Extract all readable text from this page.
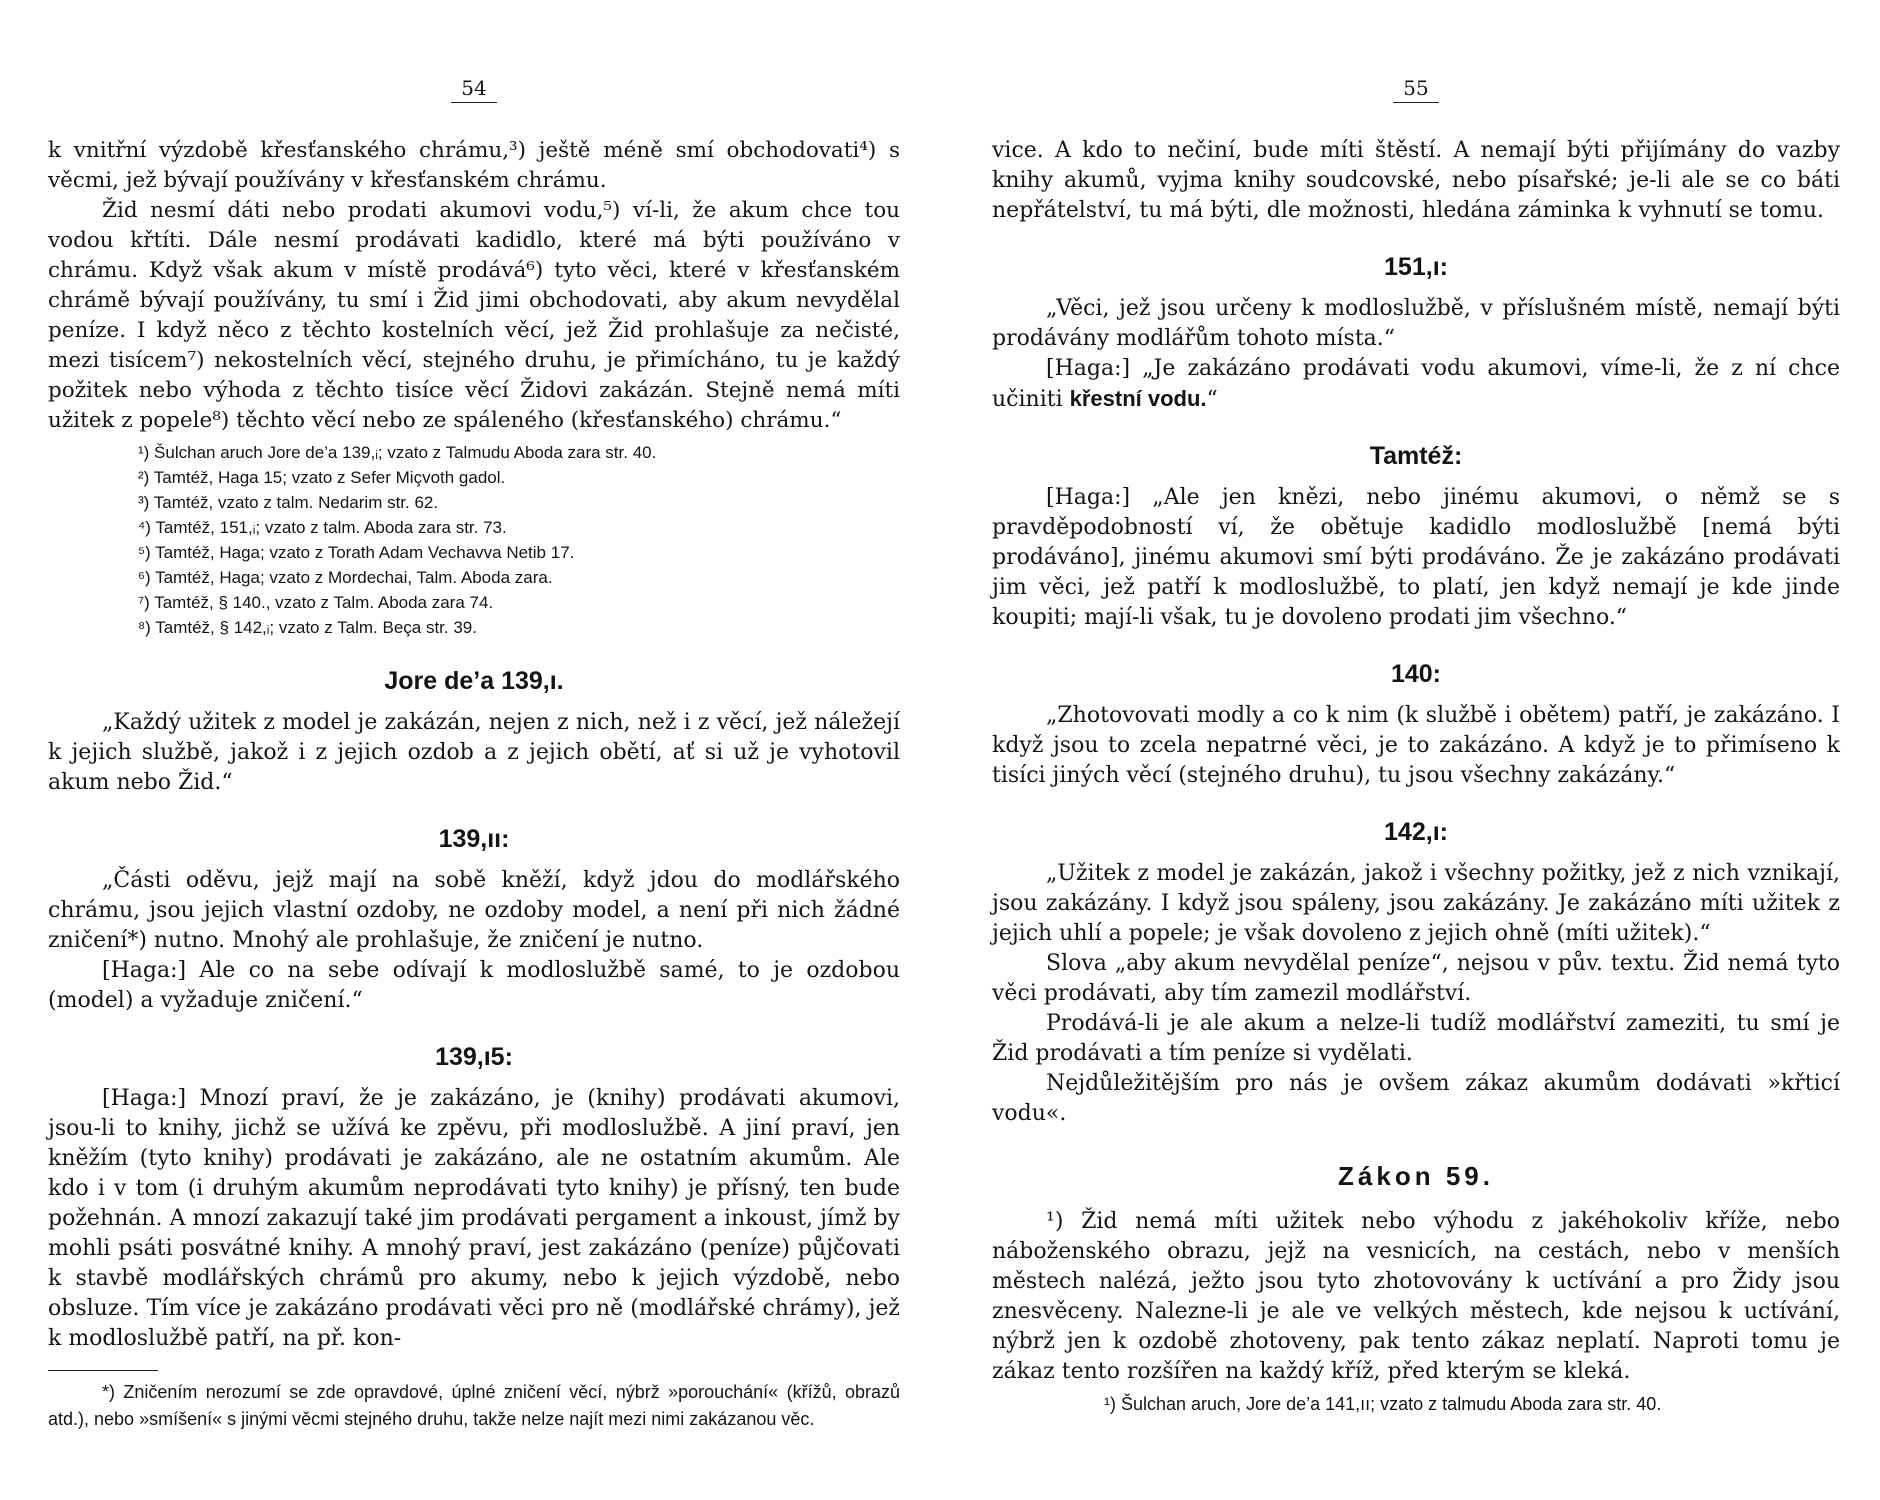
54

k vnitřní výzdobě křesťanského chrámu,³) ještě méně smí obchodovati⁴) s věcmi, jež bývají používány v křesťanském chrámu.

Žid nesmí dáti nebo prodati akumovi vodu,⁵) ví-li, že akum chce tou vodou křtíti. Dále nesmí prodávati kadidlo, které má býti používáno v chrámu. Když však akum v místě prodává⁶) tyto věci, které v křesťanském chrámě bývají používány, tu smí i Žid jimi obchodovati, aby akum nevydělal peníze. I když něco z těchto kostelních věcí, jež Žid prohlašuje za nečisté, mezi tisícem⁷) nekostelních věcí, stejného druhu, je přimícháno, tu je každý požitek nebo výhoda z těchto tisíce věcí Židovi zakázán. Stejně nemá míti užitek z popele⁸) těchto věcí nebo ze spáleného (křesťanského) chrámu.“

¹) Šulchan aruch Jore de’a 139,ᵢ; vzato z Talmudu Aboda zara str. 40.
²) Tamtéž, Haga 15; vzato z Sefer Miçvoth gadol.
³) Tamtéž, vzato z talm. Nedarim str. 62.
⁴) Tamtéž, 151,ᵢ; vzato z talm. Aboda zara str. 73.
⁵) Tamtéž, Haga; vzato z Torath Adam Vechavva Netib 17.
⁶) Tamtéž, Haga; vzato z Mordechai, Talm. Aboda zara.
⁷) Tamtéž, § 140., vzato z Talm. Aboda zara 74.
⁸) Tamtéž, § 142,ᵢ; vzato z Talm. Beça str. 39.
Jore de’a 139,ı.

„Každý užitek z model je zakázán, nejen z nich, než i z věcí, jež náležejí k jejich službě, jakož i z jejich ozdob a z jejich obětí, ať si už je vyhotovil akum nebo Žid.“

139,ıı:

„Části oděvu, jejž mají na sobě kněží, když jdou do modlářského chrámu, jsou jejich vlastní ozdoby, ne ozdoby model, a není při nich žádné zničení*) nutno. Mnohý ale prohlašuje, že zničení je nutno.

[Haga:] Ale co na sebe odívají k modloslužbě samé, to je ozdobou (model) a vyžaduje zničení.“

139,ı5:

[Haga:] Mnozí praví, že je zakázáno, je (knihy) prodávati akumovi, jsou-li to knihy, jichž se užívá ke zpěvu, při modloslužbě. A jiní praví, jen kněžím (tyto knihy) prodávati je zakázáno, ale ne ostatním akumům. Ale kdo i v tom (i druhým akumům neprodávati tyto knihy) je přísný, ten bude požehnán. A mnozí zakazují také jim prodávati pergament a inkoust, jímž by mohli psáti posvátné knihy. A mnohý praví, jest zakázáno (peníze) půjčovati k stavbě modlářských chrámů pro akumy, nebo k jejich výzdobě, nebo obsluze. Tím více je zakázáno prodávati věci pro ně (modlářské chrámy), jež k modloslužbě patří, na př. kon-

*) Zničením nerozumí se zde opravdové, úplné zničení věcí, nýbrž »porouchání« (křížů, obrazů atd.), nebo »smíšení« s jinými věcmi stejného druhu, takže nelze najít mezi nimi zakázanou věc.

55

vice. A kdo to nečiní, bude míti štěstí. A nemají býti přijímány do vazby knihy akumů, vyjma knihy soudcovské, nebo písařské; je-li ale se co báti nepřátelství, tu má býti, dle možnosti, hledána záminka k vyhnutí se tomu.

151,ı:

„Věci, jež jsou určeny k modloslužbě, v příslušném místě, nemají býti prodávány modlářům tohoto místa.“

[Haga:] „Je zakázáno prodávati vodu akumovi, víme-li, že z ní chce učiniti křestní vodu.“

Tamtéž:

[Haga:] „Ale jen knězi, nebo jinému akumovi, o němž se s pravděpodobností ví, že obětuje kadidlo modloslužbě [nemá býti prodáváno], jinému akumovi smí býti prodáváno. Že je zakázáno prodávati jim věci, jež patří k modloslužbě, to platí, jen když nemají je kde jinde koupiti; mají-li však, tu je dovoleno prodati jim všechno.“

140:

„Zhotovovati modly a co k nim (k službě i obětem) patří, je zakázáno. I když jsou to zcela nepatrné věci, je to zakázáno. A když je to přimíseno k tisíci jiných věcí (stejného druhu), tu jsou všechny zakázány.“

142,ı:

„Užitek z model je zakázán, jakož i všechny požitky, jež z nich vznikají, jsou zakázány. I když jsou spáleny, jsou zakázány. Je zakázáno míti užitek z jejich uhlí a popele; je však dovoleno z jejich ohně (míti užitek).“

Slova „aby akum nevydělal peníze“, nejsou v pův. textu. Žid nemá tyto věci prodávati, aby tím zamezil modlářství.

Prodává-li je ale akum a nelze-li tudíž modlářství zameziti, tu smí je Žid prodávati a tím peníze si vydělati.

Nejdůležitějším pro nás je ovšem zákaz akumům dodávati »křticí vodu«.

Zákon 59.

¹) Žid nemá míti užitek nebo výhodu z jakéhokoliv kříže, nebo náboženského obrazu, jejž na vesnicích, na cestách, nebo v menších městech nalézá, ježto jsou tyto zhotovovány k uctívání a pro Židy jsou znesvěceny. Nalezne-li je ale ve velkých městech, kde nejsou k uctívání, nýbrž jen k ozdobě zhotoveny, pak tento zákaz neplatí. Naproti tomu je zákaz tento rozšířen na každý kříž, před kterým se kleká.

¹) Šulchan aruch, Jore de’a 141,ıı; vzato z talmudu Aboda zara str. 40.
